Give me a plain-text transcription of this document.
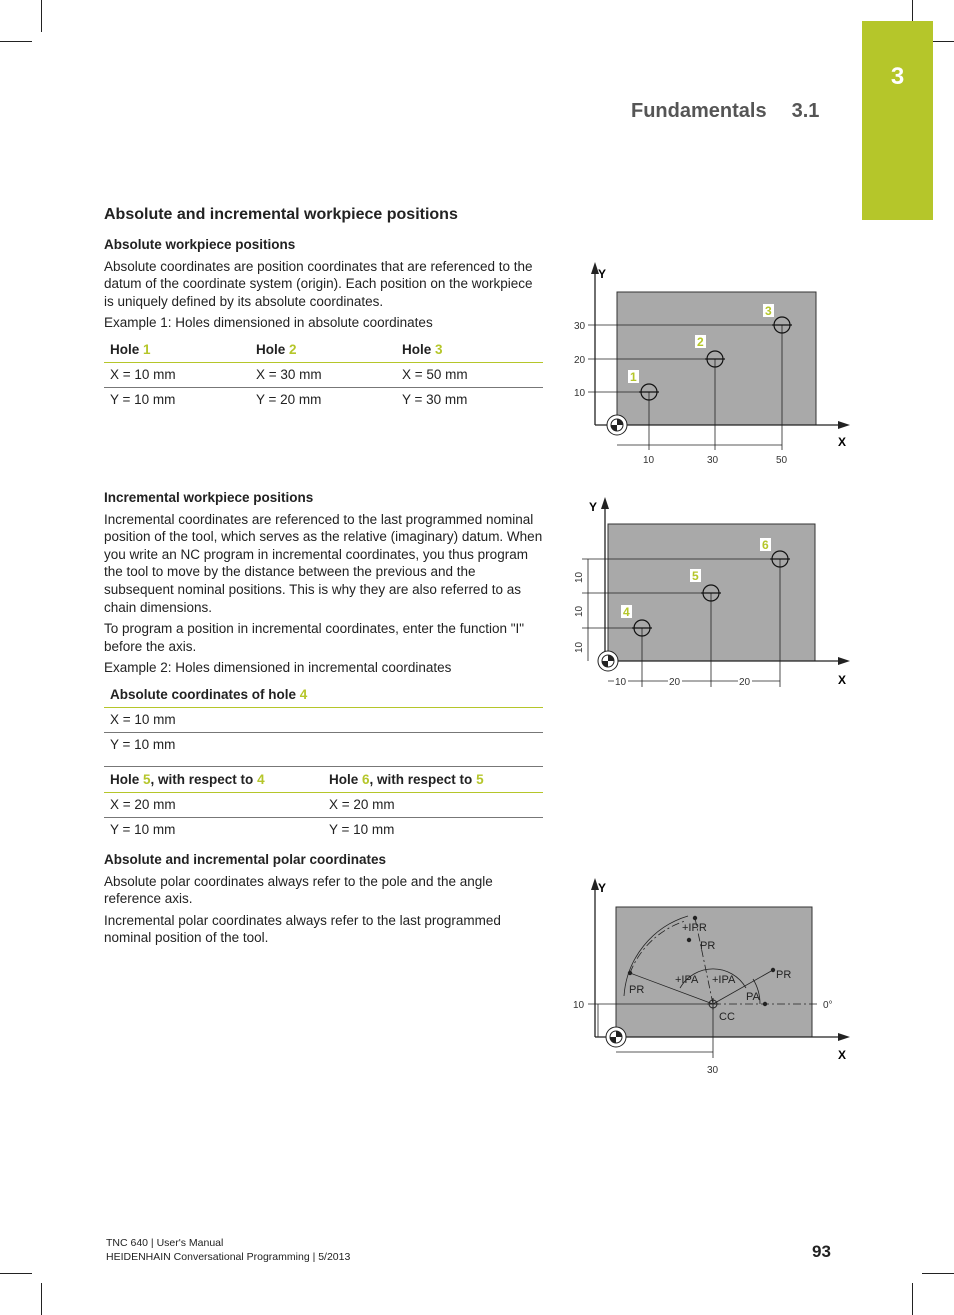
3
Fundamentals 3.1
Absolute and incremental workpiece positions

Absolute workpiece positions

Absolute coordinates are position coordinates that are referenced to the datum of the coordinate system (origin). Each position on the workpiece is uniquely defined by its absolute coordinates.

Example 1: Holes dimensioned in absolute coordinates

Hole 1	Hole 2	Hole 3
X = 10 mm	X = 30 mm	X = 50 mm
Y = 10 mm	Y = 20 mm	Y = 30 mm

Incremental workpiece positions

Incremental coordinates are referenced to the last programmed nominal position of the tool, which serves as the relative (imaginary) datum. When you write an NC program in incremental coordinates, you thus program the tool to move by the distance between the previous and the subsequent nominal positions. This is why they are also referred to as chain dimensions.

To program a position in incremental coordinates, enter the function "I" before the axis.

Example 2: Holes dimensioned in incremental coordinates

Absolute coordinates of hole 4
X = 10 mm
Y = 10 mm
Hole 5, with respect to 4	Hole 6, with respect to 5
X = 20 mm	X = 20 mm
Y = 10 mm	Y = 10 mm

Absolute and incremental polar coordinates

Absolute polar coordinates always refer to the pole and the angle reference axis.

Incremental polar coordinates always refer to the last programmed nominal position of the tool.

Y
X
30
20
10
10	30	50
1
2
3
Y
X
10
10
10
10	20	20
4
5
6
Y
X
10
30
+IPR
PR
PR
+IPA +IPA	PR
PA
CC
0°
TNC 640 | User's Manual
HEIDENHAIN Conversational Programming | 5/2013	93
